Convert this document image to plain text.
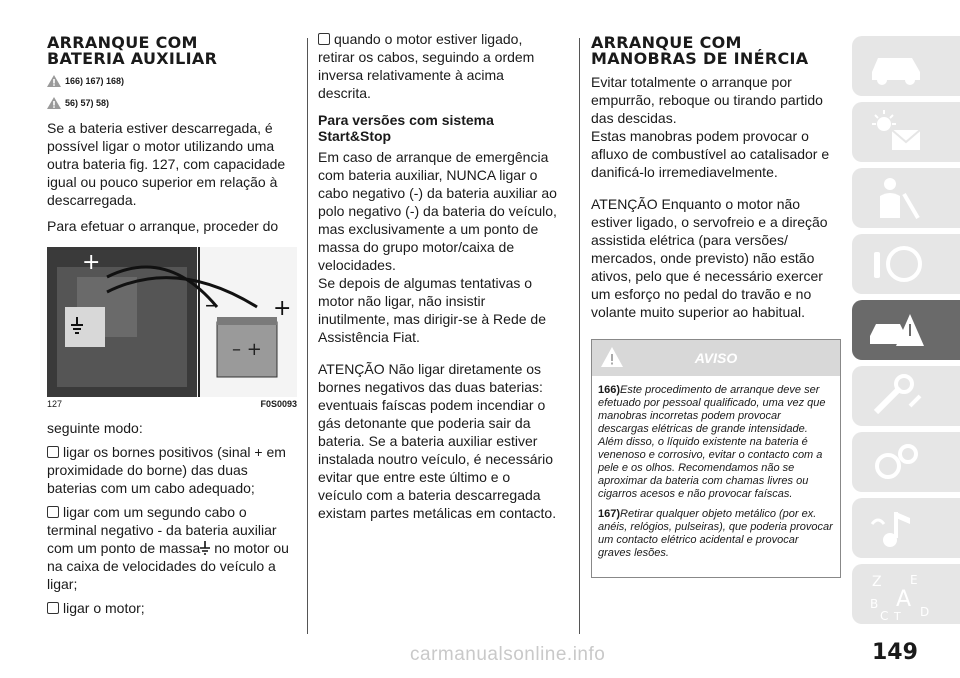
ARRANQUE COM
BATERIA AUXILIAR
166) 167) 168)
56) 57) 58)

Se a bateria estiver descarregada, é possível ligar o motor utilizando uma outra bateria fig. 127, com capacidade igual ou pouco superior em relação à descarregada.

Para efetuar o arranque, proceder do

+
–	+
– +
127	F0S0093

seguinte modo:

ligar os bornes positivos (sinal + em proximidade do borne) das duas baterias com um cabo adequado;

ligar com um segundo cabo o terminal negativo - da bateria auxiliar com um ponto de massa no motor ou na caixa de velocidades do veículo a ligar;

ligar o motor;

quando o motor estiver ligado, retirar os cabos, seguindo a ordem inversa relativamente à acima descrita.

Para versões com sistema Start&Stop

Em caso de arranque de emergência com bateria auxiliar, NUNCA ligar o cabo negativo (-) da bateria auxiliar ao polo negativo (-) da bateria do veículo, mas exclusivamente a um ponto de massa do grupo motor/caixa de velocidades.

Se depois de algumas tentativas o motor não ligar, não insistir inutilmente, mas dirigir-se à Rede de Assistência Fiat.

ATENÇÃO Não ligar diretamente os bornes negativos das duas baterias: eventuais faíscas podem incendiar o gás detonante que poderia sair da bateria. Se a bateria auxiliar estiver instalada noutro veículo, é necessário evitar que entre este último e o veículo com a bateria descarregada existam partes metálicas em contacto.

ARRANQUE COM
MANOBRAS DE INÉRCIA

Evitar totalmente o arranque por empurrão, reboque ou tirando partido das descidas.

Estas manobras podem provocar o afluxo de combustível ao catalisador e danificá-lo irremediavelmente.

ATENÇÃO Enquanto o motor não estiver ligado, o servofreio e a direção assistida elétrica (para versões/ mercados, onde previsto) não estão ativos, pelo que é necessário exercer um esforço no pedal do travão e no volante muito superior ao habitual.

AVISO

166)Este procedimento de arranque deve ser efetuado por pessoal qualificado, uma vez que manobras incorretas podem provocar descargas elétricas de grande intensidade. Além disso, o líquido existente na bateria é venenoso e corrosivo, evitar o contacto com a pele e os olhos. Recomendamos não se aproximar da bateria com chamas livres ou cigarros acesos e não provocar faíscas.

167)Retirar qualquer objeto metálico (por ex. anéis, relógios, pulseiras), que poderia provocar um contacto elétrico acidental e provocar graves lesões.

Z E
B A
C T D
149
carmanualsonline.info
